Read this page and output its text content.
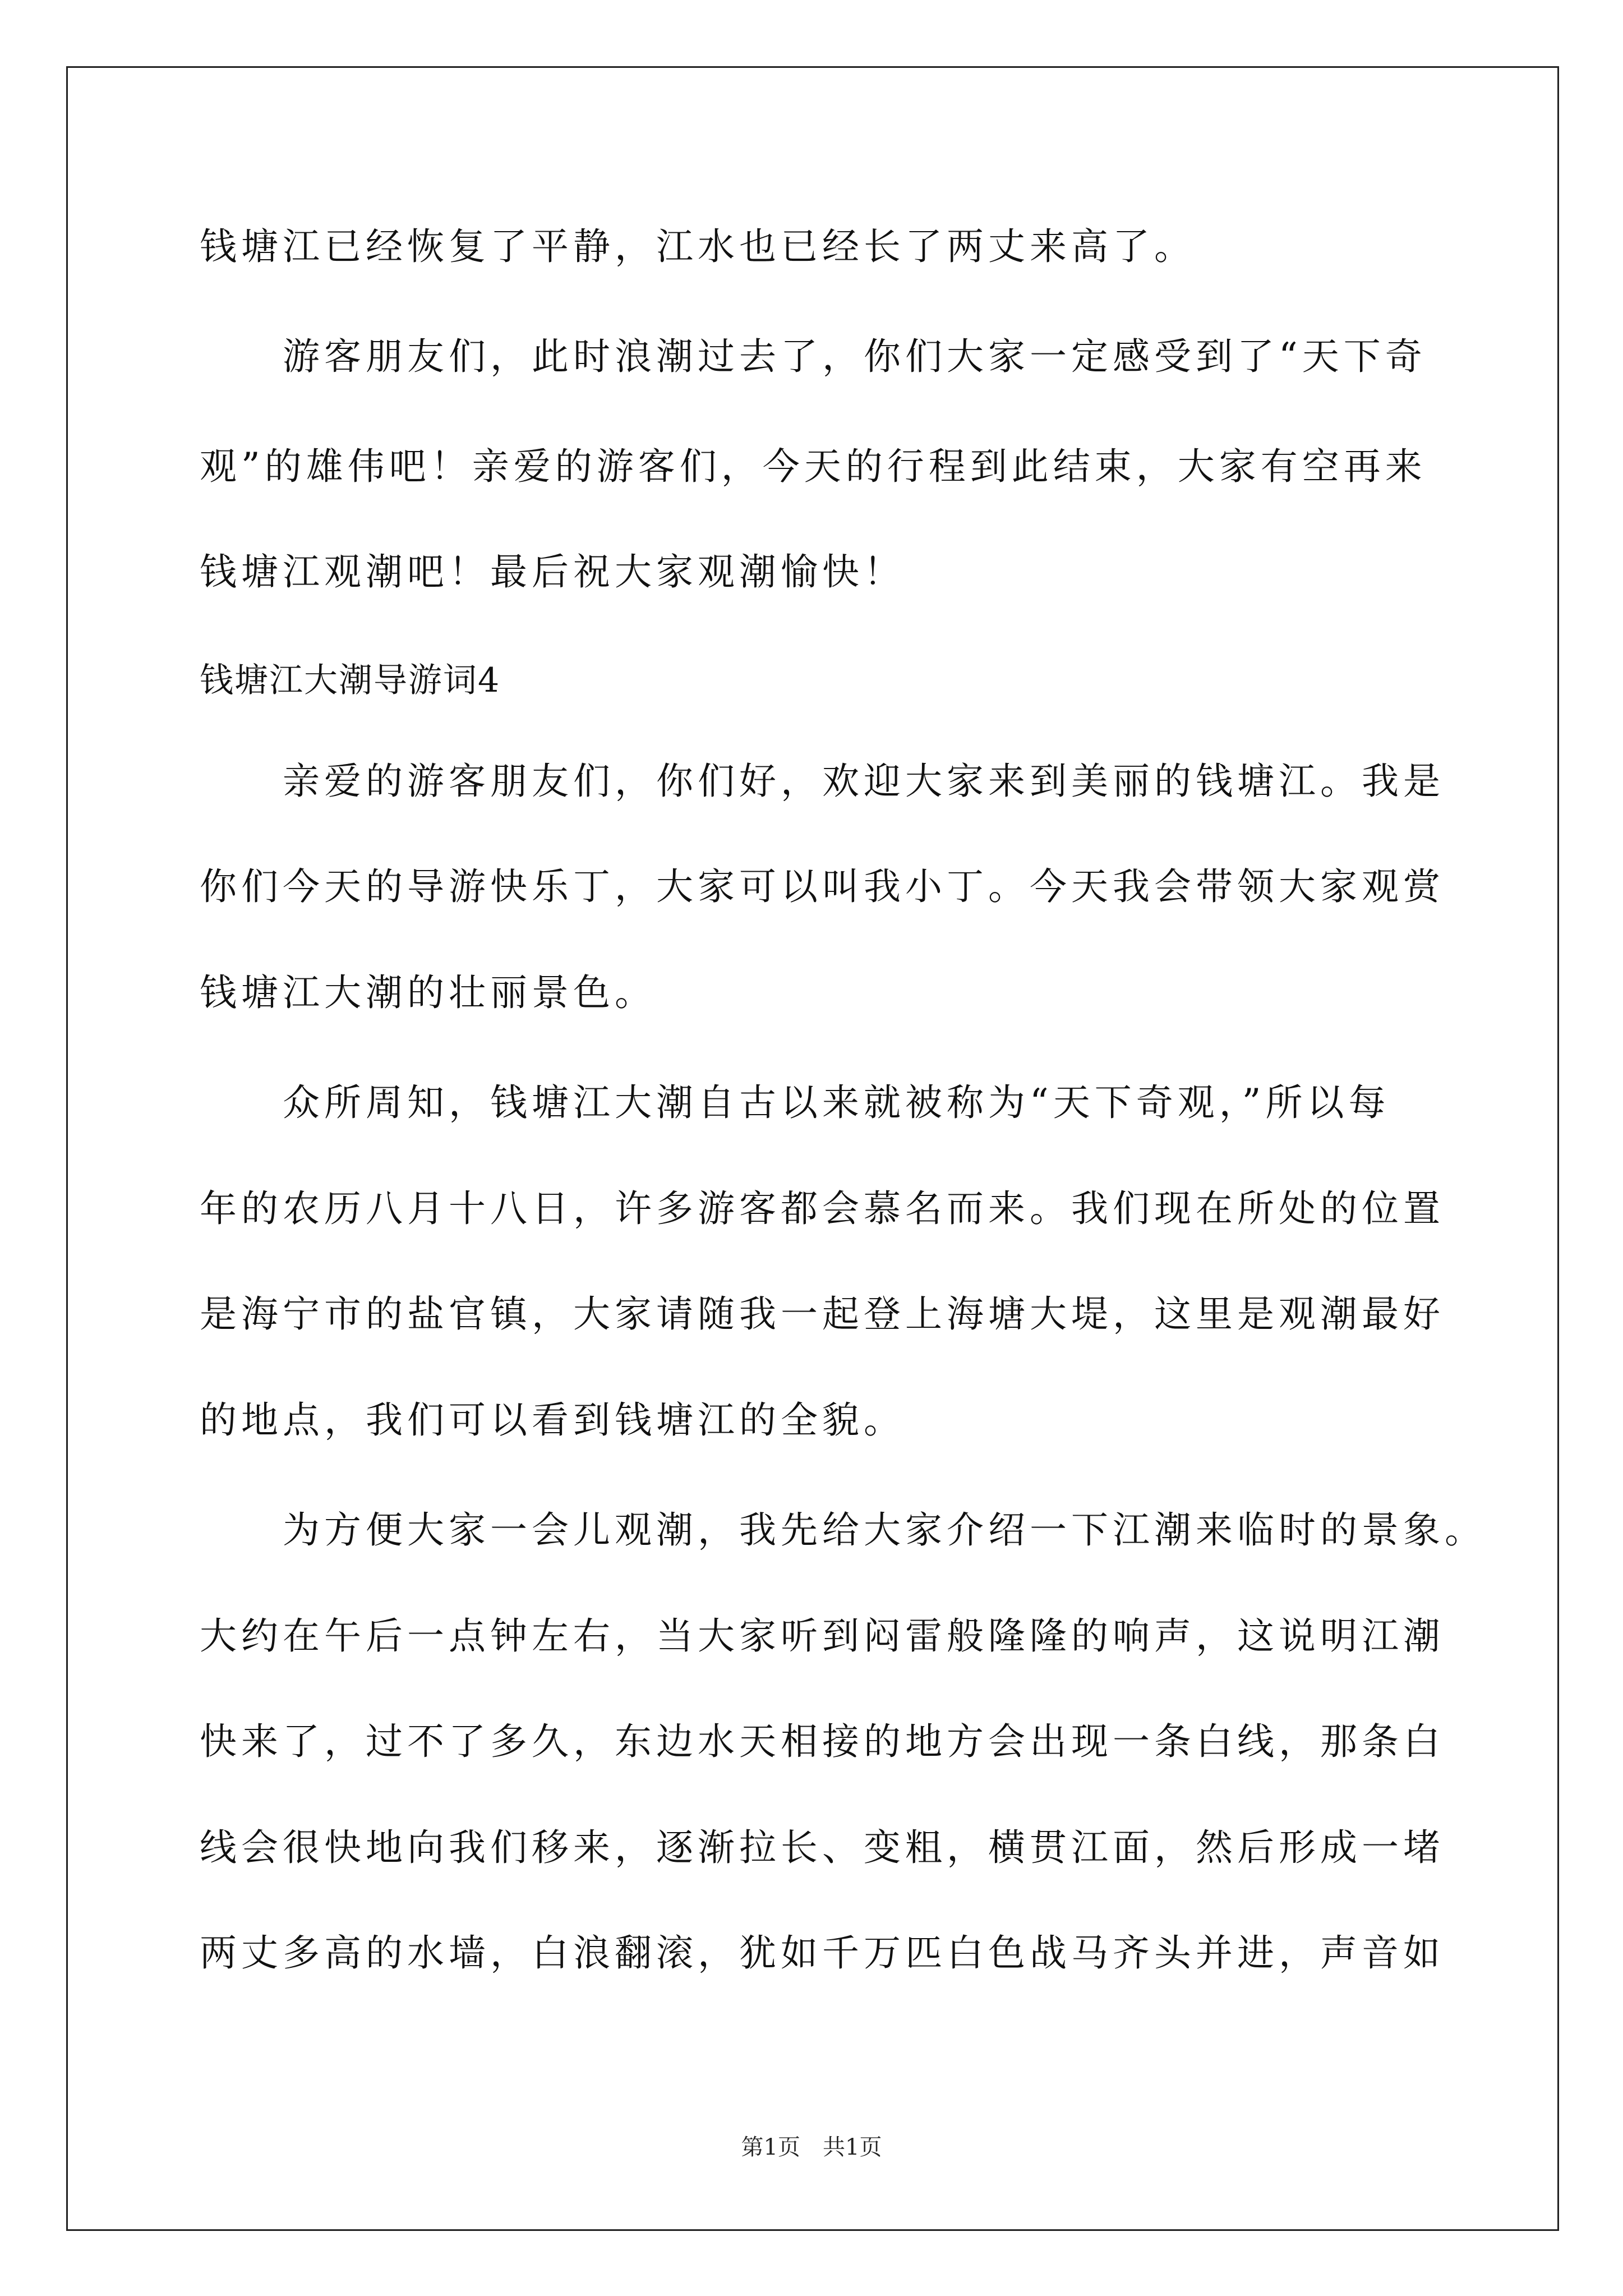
钱塘江已经恢复了平静，江水也已经长了两丈来高了。
　　游客朋友们，此时浪潮过去了，你们大家一定感受到了“天下奇
观”的雄伟吧！亲爱的游客们，今天的行程到此结束，大家有空再来
钱塘江观潮吧！最后祝大家观潮愉快！
钱塘江大潮导游词4
　　亲爱的游客朋友们，你们好，欢迎大家来到美丽的钱塘江。我是
你们今天的导游快乐丁，大家可以叫我小丁。今天我会带领大家观赏
钱塘江大潮的壮丽景色。
　　众所周知，钱塘江大潮自古以来就被称为“天下奇观，”所以每
年的农历八月十八日，许多游客都会慕名而来。我们现在所处的位置
是海宁市的盐官镇，大家请随我一起登上海塘大堤，这里是观潮最好
的地点，我们可以看到钱塘江的全貌。
　　为方便大家一会儿观潮，我先给大家介绍一下江潮来临时的景象。
大约在午后一点钟左右，当大家听到闷雷般隆隆的响声，这说明江潮
快来了，过不了多久，东边水天相接的地方会出现一条白线，那条白
线会很快地向我们移来，逐渐拉长、变粗，横贯江面，然后形成一堵
两丈多高的水墙，白浪翻滚，犹如千万匹白色战马齐头并进，声音如
第1页 共1页
